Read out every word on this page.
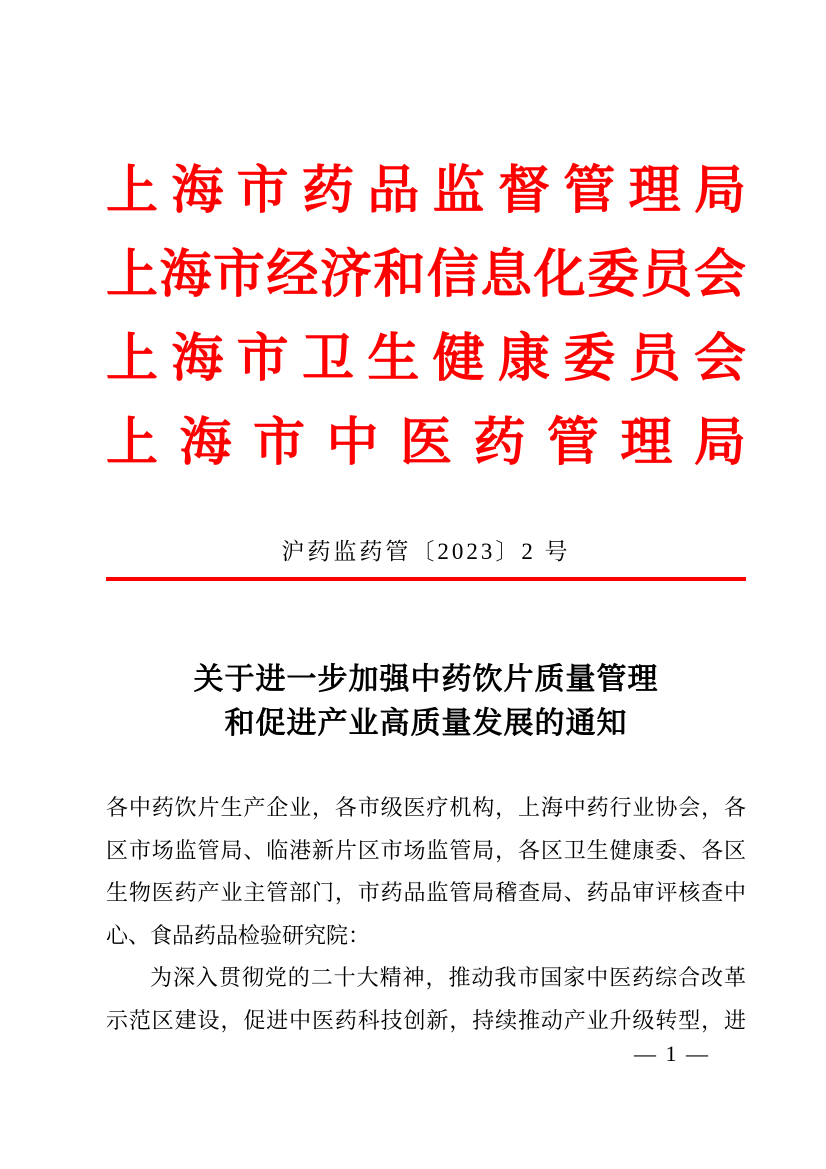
上 海 市 药 品 监 督 管 理 局
上 海 市 经 济 和 信 息 化 委 员 会
上 海 市 卫 生 健 康 委 员 会
上 海 市 中 医 药 管 理 局
沪药监药管〔2023〕2 号
关于进一步加强中药饮片质量管理
和促进产业高质量发展的通知
各中药饮片生产企业，各市级医疗机构，上海中药行业协会，各
区市场监管局、临港新片区市场监管局，各区卫生健康委、各区
生物医药产业主管部门，市药品监管局稽查局、药品审评核查中
心、食品药品检验研究院：
为深入贯彻党的二十大精神，推动我市国家中医药综合改革
示范区建设，促进中医药科技创新，持续推动产业升级转型，进
— 1 —
